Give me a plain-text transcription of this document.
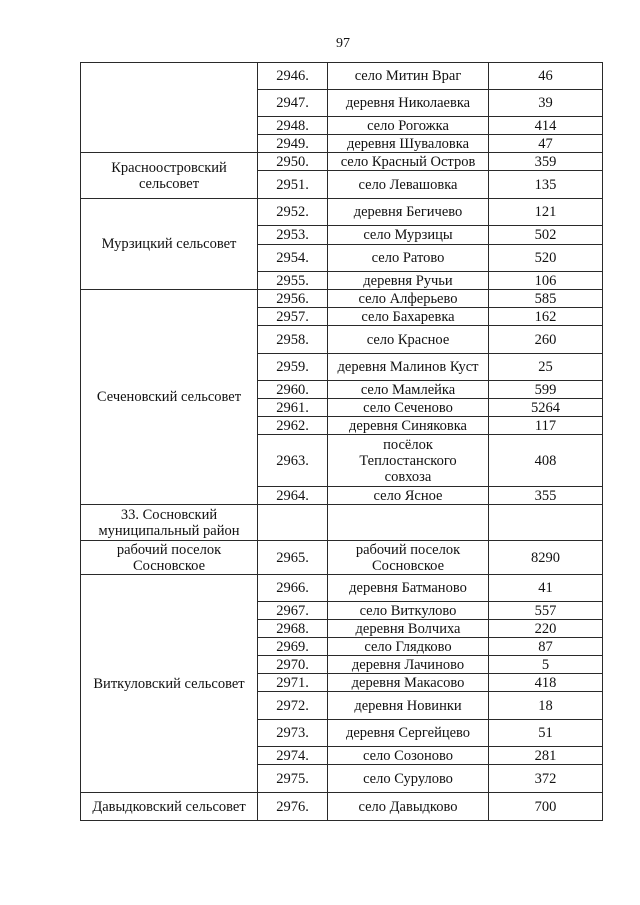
97
	2946.	село Митин Враг	46
	2947.	деревня Николаевка	39
	2948.	село Рогожка	414
	2949.	деревня Шуваловка	47
Красноостровский
сельсовет	2950.	село Красный Остров	359
	2951.	село Левашовка	135
Мурзицкий сельсовет	2952.	деревня Бегичево	121
	2953.	село Мурзицы	502
	2954.	село Ратово	520
	2955.	деревня Ручьи	106
Сеченовский сельсовет	2956.	село Алферьево	585
	2957.	село Бахаревка	162
	2958.	село Красное	260
	2959.	деревня Малинов Куст	25
	2960.	село Мамлейка	599
	2961.	село Сеченово	5264
	2962.	деревня Синяковка	117
	2963.	посёлок
Теплостанского
совхоза	408
	2964.	село Ясное	355
33. Сосновский
муниципальный район			
рабочий поселок
Сосновское	2965.	рабочий поселок
Сосновское	8290
Виткуловский сельсовет	2966.	деревня Батманово	41
	2967.	село Виткулово	557
	2968.	деревня Волчиха	220
	2969.	село Глядково	87
	2970.	деревня Лачиново	5
	2971.	деревня Макасово	418
	2972.	деревня Новинки	18
	2973.	деревня Сергейцево	51
	2974.	село Созоново	281
	2975.	село Сурулово	372
Давыдковский сельсовет	2976.	село Давыдково	700
